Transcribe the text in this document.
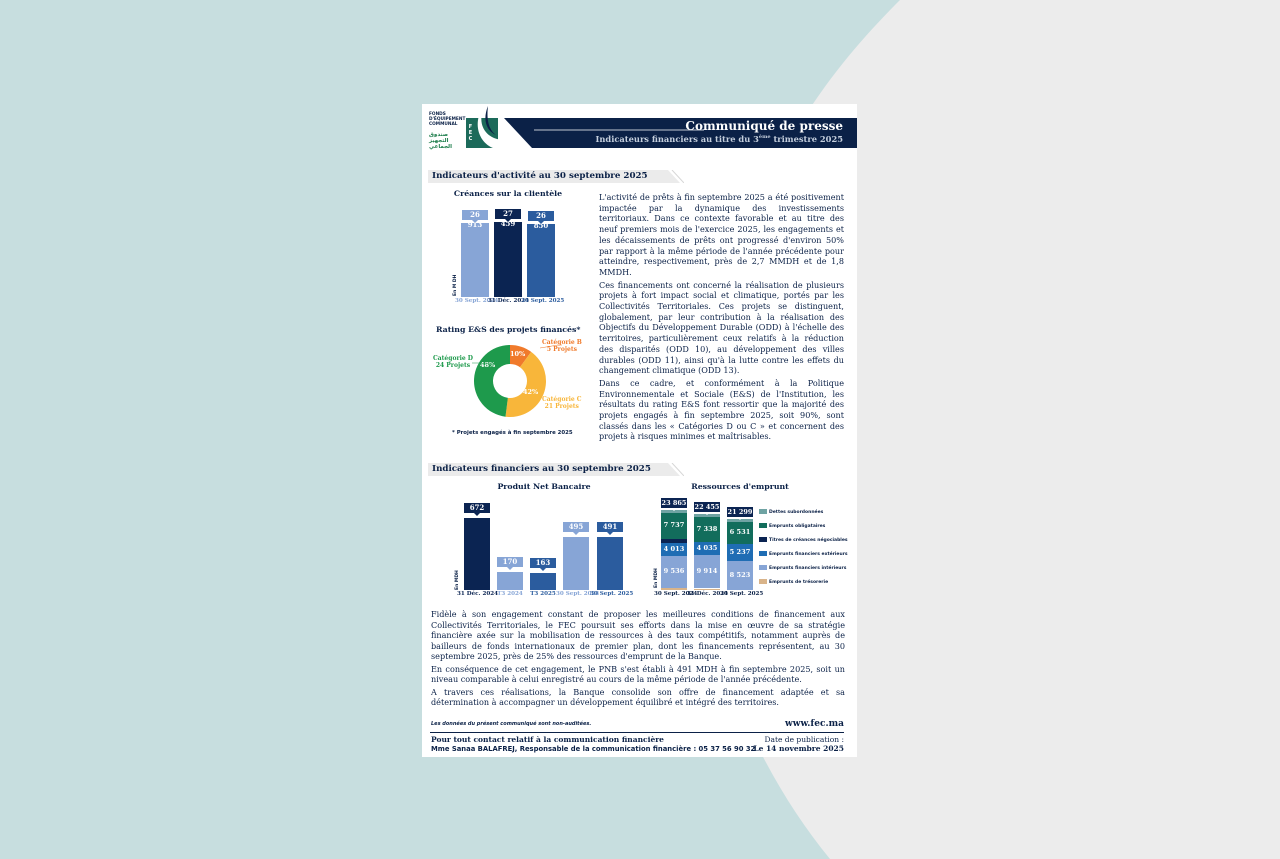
FONDS
D'ÉQUIPEMENT
COMMUNAL
صندوق التجهيز الجماعي
F
E
C
Communiqué de presse
Indicateurs financiers au titre du 3ème trimestre 2025
Indicateurs d'activité au 30 septembre 2025
Créances sur la clientèle
En M DH
Rating E&S des projets financés*
10%
42%
48%
Catégorie B
5 Projets
Catégorie C
21 Projets
Catégorie D
24 Projets
* Projets engagés à fin septembre 2025

L'activité de prêts à fin septembre 2025 a été positivement impactée par la dynamique des investissements territoriaux. Dans ce contexte favorable et au titre des neuf premiers mois de l'exercice 2025, les engagements et les décaissements de prêts ont progressé d'environ 50% par rapport à la même période de l'année précédente pour atteindre, respectivement, près de 2,7 MMDH et de 1,8 MMDH.

Ces financements ont concerné la réalisation de plusieurs projets à fort impact social et climatique, portés par les Collectivités Territoriales. Ces projets se distinguent, globalement, par leur contribution à la réalisation des Objectifs du Développement Durable (ODD) à l'échelle des territoires, particulièrement ceux relatifs à la réduction des disparités (ODD 10), au développement des villes durables (ODD 11), ainsi qu'à la lutte contre les effets du changement climatique (ODD 13).

Dans ce cadre, et conformément à la Politique Environnementale et Sociale (E&S) de l'Institution, les résultats du rating E&S font ressortir que la majorité des projets engagés à fin septembre 2025, soit 90%, sont classés dans les « Catégories D ou C » et concernent des projets à risques minimes et maîtrisables.

Indicateurs financiers au 30 septembre 2025
Produit Net Bancaire
En MDH
Ressources d'emprunt
En MDH

Fidèle à son engagement constant de proposer les meilleures conditions de financement aux Collectivités Territoriales, le FEC poursuit ses efforts dans la mise en œuvre de sa stratégie financière axée sur la mobilisation de ressources à des taux compétitifs, notamment auprès de bailleurs de fonds internationaux de premier plan, dont les financements représentent, au 30 septembre 2025, près de 25% des ressources d'emprunt de la Banque.

En conséquence de cet engagement, le PNB s'est établi à 491 MDH à fin septembre 2025, soit un niveau comparable à celui enregistré au cours de la même période de l'année précédente.

A travers ces réalisations, la Banque consolide son offre de financement adaptée et sa détermination à accompagner un développement équilibré et intégré des territoires.

Les données du présent communiqué sont non-auditées.	www.fec.ma
Pour tout contact relatif à la communication financière
Mme Sanaa BALAFREJ, Responsable de la communication financière : 05 37 56 90 32
Date de publication :
Le 14 novembre 2025
26 913
30 Sept. 2024
27 459
31 Déc. 2024
26 850
30 Sept. 2025
672
31 Déc. 2024
170
T3 2024
163
T3 2025
495
30 Sept. 2024
491
30 Sept. 2025
9 536
4 013
7 737
23 865
30 Sept. 2024
9 914
4 035
7 338
22 455
31 Déc. 2024
8 523
5 237
6 531
21 299
30 Sept. 2025
Dettes subordonnées
Emprunts obligataires
Titres de créances négociables
Emprunts financiers extérieurs
Emprunts financiers intérieurs
Emprunts de trésorerie
